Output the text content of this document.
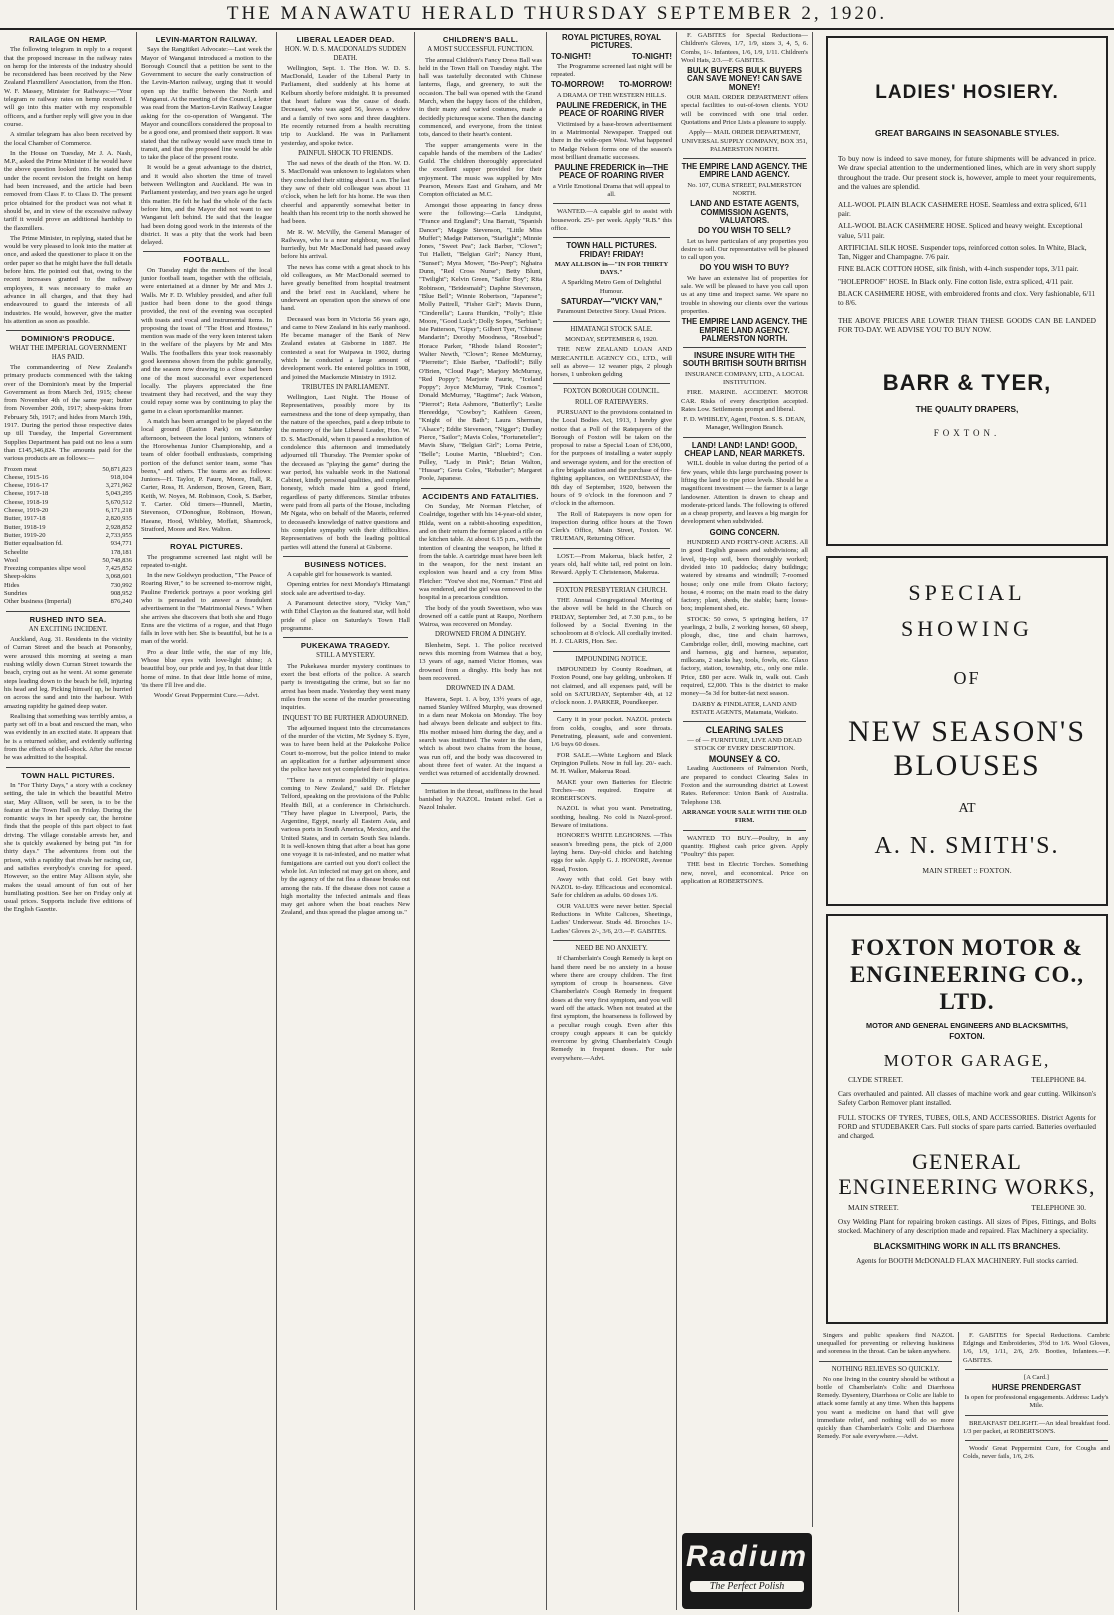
THE MANAWATU HERALD THURSDAY SEPTEMBER 2, 1920.
RAILAGE ON HEMP.

The following telegram in reply to a request that the proposed increase in the railway rates on hemp for the interests of the industry should be reconsidered has been received by the New Zealand Flaxmillers' Association, from the Hon. W. F. Massey, Minister for Railways:—"Your telegram re railway rates on hemp received. I will go into this matter with my responsible officers, and a further reply will give you in due course.

A similar telegram has also been received by the local Chamber of Commerce.

In the House on Tuesday, Mr J. A. Nash, M.P., asked the Prime Minister if he would have the above question looked into. He stated that under the recent revision the freight on hemp had been increased, and the article had been removed from Class F. to Class D. The present price obtained for the product was not what it should be, and in view of the excessive railway tariff it would prove an additional hardship to the flaxmillers.

The Prime Minister, in replying, stated that he would be very pleased to look into the matter at once, and asked the questioner to place it on the order paper so that he might have the full details before him. He pointed out that, owing to the recent increases granted to the railway employees, it was necessary to make an advance in all charges, and that they had endeavoured to guard the interests of all industries. He would, however, give the matter his attention as soon as possible.

DOMINION'S PRODUCE.
WHAT THE IMPERIAL GOVERNMENT HAS PAID.

The commandeering of New Zealand's primary products commenced with the taking over of the Dominion's meat by the Imperial Government as from March 3rd, 1915; cheese from November 4th of the same year; butter from November 20th, 1917; sheep-skins from February 5th, 1917; and hides from March 19th, 1917. During the period those respective dates up till Tuesday, the Imperial Government Supplies Department has paid out no less a sum than £145,346,824. The amounts paid for the various products are as follows:—

Frozen meat	50,871,823
Cheese, 1915-16	918,104
Cheese, 1916-17	3,271,962
Cheese, 1917-18	5,043,295
Cheese, 1918-19	5,670,512
Cheese, 1919-20	6,171,218
Butter, 1917-18	2,820,935
Butter, 1918-19	2,928,852
Butter, 1919-20	2,733,955
Butter equalisation fd.	934,771
Scheelite	178,181
Wool	50,748,836
Freezing companies slipe wool	7,425,852
Sheep-skins	3,068,601
Hides	730,992
Sundries	908,952
Other business (Imperial)	876,240
RUSHED INTO SEA.
AN EXCITING INCIDENT.

Auckland, Aug. 31. Residents in the vicinity of Curran Street and the beach at Ponsonby, were aroused this morning at seeing a man rushing wildly down Curran Street towards the beach, crying out as he went. At some generate steps leading down to the beach he fell, injuring his head and leg. Picking himself up, he hurried on across the sand and into the harbour. With amazing rapidity he gained deep water.

Realising that something was terribly amiss, a party set off in a boat and rescued the man, who was evidently in an excited state. It appears that he is a returned soldier, and evidently suffering from the effects of shell-shock. After the rescue he was admitted to the hospital.

TOWN HALL PICTURES.

In "For Thirty Days," a story with a cockney setting, the tale in which the beautiful Metro star, May Allison, will be seen, is to be the feature at the Town Hall on Friday. During the romantic ways in her speedy car, the heroine finds that the people of this part object to fast driving. The village constable arrests her, and she is quickly awakened by being put "in for thirty days." The adventures from out the prison, with a rapidity that rivals her racing car, and satisfies everybody's craving for speed. However, so the entire May Allison style, she makes the usual amount of fun out of her humiliating position. See her on Friday only at usual prices. Supports include five editions of the English Gazette.

LEVIN-MARTON RAILWAY.

Says the Rangitikei Advocate:—Last week the Mayor of Wanganui introduced a motion to the Borough Council that a petition be sent to the Government to secure the early construction of the Levin-Marton railway, urging that it would open up the traffic between the North and Wanganui. At the meeting of the Council, a letter was read from the Marton-Levin Railway League asking for the co-operation of Wanganui. The Mayor and councillors considered the proposal to be a good one, and promised their support. It was stated that the railway would save much time in transit, and that the proposed line would be able to take the place of the present route.

It would be a great advantage to the district, and it would also shorten the time of travel between Wellington and Auckland. He was in Parliament yesterday, and two years ago he urged this matter. He felt he had the whole of the facts before him, and the Mayor did not want to see Wanganui left behind. He said that the league had been doing good work in the interests of the district. It was a pity that the work had been delayed.

FOOTBALL.

On Tuesday night the members of the local junior football team, together with the officials, were entertained at a dinner by Mr and Mrs J. Walls. Mr F. D. Whibley presided, and after full justice had been done to the good things provided, the rest of the evening was occupied with toasts and vocal and instrumental items. In proposing the toast of "The Host and Hostess," mention was made of the very keen interest taken in the welfare of the players by Mr and Mrs Walls. The footballers this year took reasonably good keenness shown from the public generally, and the season now drawing to a close had been one of the most successful ever experienced locally. The players appreciated the fine treatment they had received, and the way they could repay some was by continuing to play the game in a clean sportsmanlike manner.

A match has been arranged to be played on the local ground (Easton Park) on Saturday afternoon, between the local juniors, winners of the Horowhenua Junior Championship, and a team of older football enthusiasts, comprising portion of the defunct senior team, some "has beens," and others. The teams are as follows: Juniors—H. Taylor, P. Faure, Moore, Hall, R. Carter, Ross, H. Anderson, Brown, Green, Barr, Keith, W. Noyes, M. Robinson, Cook, S. Barber, T. Carter. Old timers—Hunnell, Martin, Stevenson, O'Donoghue, Robinson, Howan, Haeane, Hood, Whibley, Moffatt, Shamrock, Stratford, Moore and Rev. Walton.

ROYAL PICTURES.

The programme screened last night will be repeated to-night.

In the new Goldwyn production, "The Peace of Roaring River," to be screened to-morrow night, Pauline Frederick portrays a poor working girl who is persuaded to answer a fraudulent advertisement in the "Matrimonial News." When she arrives she discovers that both she and Hugo Enns are the victims of a rogue, and that Hugo falls in love with her. She is beautiful, but he is a man of the world.

Pro a dear little wife, the star of my life, Whose blue eyes with love-light shine; A beautiful boy, our pride and joy, In that dear little home of mine. In that dear little home of mine, 'tis there I'll live and die.

Woods' Great Peppermint Cure.—Advt.

LIBERAL LEADER DEAD.
HON. W. D. S. MACDONALD'S SUDDEN DEATH.

Wellington, Sept. 1. The Hon. W. D. S. MacDonald, Leader of the Liberal Party in Parliament, died suddenly at his home at Kelburn shortly before midnight. It is presumed that heart failure was the cause of death. Deceased, who was aged 56, leaves a widow and a family of two sons and three daughters. He recently returned from a health recruiting trip to Auckland. He was in Parliament yesterday, and spoke twice.

PAINFUL SHOCK TO FRIENDS.

The sad news of the death of the Hon. W. D. S. MacDonald was unknown to legislators when they concluded their sitting about 1 a.m. The last they saw of their old colleague was about 11 o'clock, when he left for his home. He was then cheerful and apparently somewhat better in health than his recent trip to the north showed he had been.

Mr R. W. McVilly, the General Manager of Railways, who is a near neighbour, was called hurriedly, but Mr MacDonald had passed away before his arrival.

The news has come with a great shock to his old colleagues, as Mr MacDonald seemed to have greatly benefited from hospital treatment and the brief rest in Auckland, where he underwent an operation upon the sinews of one hand.

Deceased was born in Victoria 56 years ago, and came to New Zealand in his early manhood. He became manager of the Bank of New Zealand estates at Gisborne in 1887. He contested a seat for Waipawa in 1902, during which he conducted a large amount of development work. He entered politics in 1908, and joined the Mackenzie Ministry in 1912.

TRIBUTES IN PARLIAMENT.

Wellington, Last Night. The House of Representatives, possibly more by its earnestness and the tone of deep sympathy, than the nature of the speeches, paid a deep tribute to the memory of the late Liberal Leader, Hon. W. D. S. MacDonald, when it passed a resolution of condolence this afternoon and immediately adjourned till Thursday. The Premier spoke of the deceased as "playing the game" during the war period, his valuable work in the National Cabinet, kindly personal qualities, and complete honesty, which made him a good friend, regardless of party differences. Similar tributes were paid from all parts of the House, including Mr Ngata, who on behalf of the Maoris, referred to deceased's knowledge of native questions and his complete sympathy with their difficulties. Representatives of both the leading political parties will attend the funeral at Gisborne.

BUSINESS NOTICES.

A capable girl for housework is wanted.

Opening entries for next Monday's Himatangi stock sale are advertised to-day.

A Paramount detective story, "Vicky Van," with Ethel Clayton as the featured star, will hold pride of place on Saturday's Town Hall programme.

PUKEKAWA TRAGEDY.
STILL A MYSTERY.

The Pukekawa murder mystery continues to exert the best efforts of the police. A search party is investigating the crime, but so far no arrest has been made. Yesterday they went many miles from the scene of the murder prosecuting inquiries.

INQUEST TO BE FURTHER ADJOURNED.

The adjourned inquest into the circumstances of the murder of the victim, Mr Sydney S. Eyre, was to have been held at the Pukekohe Police Court to-morrow, but the police intend to make an application for a further adjournment since the police have not yet completed their inquiries.

"There is a remote possibility of plague coming to New Zealand," said Dr. Fletcher Telford, speaking on the provisions of the Public Health Bill, at a conference in Christchurch. "They have plague in Liverpool, Paris, the Argentine, Egypt, nearly all Eastern Asia, and various ports in South America, Mexico, and the United States, and in certain South Sea islands. It is well-known thing that after a boat has gone one voyage it is rat-infested, and no matter what fumigations are carried out you don't collect the whole lot. An infected rat may get on shore, and by the agency of the rat flea a disease breaks out among the rats. If the disease does not cause a high mortality the infected animals and fleas may get ashore when the boat reaches New Zealand, and thus spread the plague among us."

CHILDREN'S BALL.
A MOST SUCCESSFUL FUNCTION.

The annual Children's Fancy Dress Ball was held in the Town Hall on Tuesday night. The hall was tastefully decorated with Chinese lanterns, flags, and greenery, to suit the occasion. The ball was opened with the Grand March, when the happy faces of the children, in their many and varied costumes, made a decidedly picturesque scene. Then the dancing commenced, and everyone, from the tiniest tots, danced to their heart's content.

The supper arrangements were in the capable hands of the members of the Ladies' Guild. The children thoroughly appreciated the excellent supper provided for their enjoyment. The music was supplied by Mrs Pearson, Messrs East and Graham, and Mr Compton officiated as M.C.

Amongst those appearing in fancy dress were the following:—Carla Lindquist, "France and England"; Una Barratt, "Spanish Dancer"; Maggie Stevenson, "Little Miss Muffet"; Madge Patterson, "Starlight"; Minnie Jones, "Sweet Pea"; Jack Barber, "Clown"; Tui Hallett, "Belgian Girl"; Nancy Hunt, "Sunset"; Myra Mower, "Bo-Peep"; Nghaira Dunn, "Red Cross Nurse"; Betty Blunt, "Twilight"; Kelvin Green, "Sailor Boy"; Rita Robinson, "Bridesmaid"; Daphne Stevenson, "Blue Bell"; Winnie Robertson, "Japanese"; Molly Pattrell, "Fisher Girl"; Mavis Dunn, "Cinderella"; Laura Hunikin, "Folly"; Elsie Moore, "Good Luck"; Dolly Sopes, "Serbian"; Isie Patterson, "Gipsy"; Gilbert Tyer, "Chinese Mandarin"; Dorothy Moodness, "Rosebud"; Horace Parker, "Rhode Island Rooster"; Walter Newth, "Clown"; Renee McMurray, "Pierrette"; Elsie Barber, "Daffodil"; Billy O'Brien, "Cloud Page"; Marjory McMurray, "Red Poppy"; Marjorie Faurie, "Iceland Poppy"; Joyce McMurray, "Pink Cosmos"; Donald McMurray, "Ragtime"; Jack Watson, "Pierrot"; Reta Ashmore, "Butterfly"; Leslie Hereeddge, "Cowboy"; Kathleen Green, "Knight of the Bath"; Laura Sherman, "Alsace"; Eddie Stevenson, "Nigger"; Dudley Pierce, "Sailor"; Mavis Coles, "Fortuneteller"; Mavis Shaw, "Belgian Girl"; Lorna Petrie, "Belle"; Louise Martin, "Bluebird"; Con. Pulley, "Lady in Pink"; Brian Walton, "Hussar"; Greta Coles, "Rebutler"; Margaret Poole, Japanese.

ACCIDENTS AND FATALITIES.

On Sunday, Mr Norman Fletcher, of Coalridge, together with his 14-year-old sister, Hilda, went on a rabbit-shooting expedition, and on their return the former placed a rifle on the kitchen table. At about 6.15 p.m., with the intention of cleaning the weapon, he lifted it from the table. A cartridge must have been left in the weapon, for the next instant an explosion was heard and a cry from Miss Fletcher: "You've shot me, Norman." First aid was rendered, and the girl was removed to the hospital in a precarious condition.

The body of the youth Sweetison, who was drowned off a cattle punt at Raupo, Northern Wairoa, was recovered on Monday.

DROWNED FROM A DINGHY.

Blenheim, Sept. 1. The police received news this morning from Waimea that a boy, 13 years of age, named Victor Homes, was drowned from a dinghy. His body has not been recovered.

DROWNED IN A DAM.

Hawera, Sept. 1. A boy, 13½ years of age, named Stanley Wilfred Murphy, was drowned in a dam near Mokoia on Monday. The boy had always been delicate and subject to fits. His mother missed him during the day, and a search was instituted. The water in the dam, which is about two chains from the house, was run off, and the body was discovered in about three feet of water. At the inquest a verdict was returned of accidentally drowned.

Irritation in the throat, stuffiness in the head banished by NAZOL. Instant relief. Get a Nazol Inhaler.

ROYAL PICTURES, ROYAL PICTURES.
TO-NIGHT!	TO-NIGHT!

The Programme screened last night will be repeated.

TO-MORROW! TO-MORROW!

A DRAMA OF THE WESTERN HILLS.

PAULINE FREDERICK, in THE PEACE OF ROARING RIVER

Victimised by a base-brown advertisement in a Matrimonial Newspaper. Trapped out there in the wide-open West. What happened to Madge Nelson forms one of the season's most brilliant dramatic successes.

PAULINE FREDERICK in—THE PEACE OF ROARING RIVER

a Virile Emotional Drama that will appeal to all.

WANTED.—A capable girl to assist with housework. 25/- per week. Apply "R.B." this office.

TOWN HALL PICTURES. FRIDAY! FRIDAY!

MAY ALLISON in—"IN FOR THIRTY DAYS."

A Sparkling Metro Gem of Delightful Humour.

SATURDAY—"VICKY VAN,"

Paramount Detective Story. Usual Prices.

HIMATANGI STOCK SALE.

MONDAY, SEPTEMBER 6, 1920.

THE NEW ZEALAND LOAN AND MERCANTILE AGENCY CO., LTD., will sell as above— 12 weaner pigs, 2 plough horses, 1 unbroken gelding

FOXTON BOROUGH COUNCIL.
ROLL OF RATEPAYERS.

PURSUANT to the provisions contained in the Local Bodies Act, 1913, I hereby give notice that a Poll of the Ratepayers of the Borough of Foxton will be taken on the proposal to raise a Special Loan of £36,000, for the purposes of installing a water supply and sewerage system, and for the erection of a fire brigade station and the purchase of fire-fighting appliances, on WEDNESDAY, the 8th day of September, 1920, between the hours of 9 o'clock in the forenoon and 7 o'clock in the afternoon.

The Roll of Ratepayers is now open for inspection during office hours at the Town Clerk's Office, Main Street, Foxton. W. TRUEMAN, Returning Officer.

LOST.—From Makerua, black heifer, 2 years old, half white tail, red point on loin. Reward. Apply T. Christenson, Makerua.

FOXTON PRESBYTERIAN CHURCH.

THE Annual Congregational Meeting of the above will be held in the Church on FRIDAY, September 3rd, at 7.30 p.m., to be followed by a Social Evening in the schoolroom at 8 o'clock. All cordially invited. H. J. CLARIS, Hon. Sec.

IMPOUNDING NOTICE.

IMPOUNDED by County Roadman, at Foxton Pound, one bay gelding, unbroken. If not claimed, and all expenses paid, will be sold on SATURDAY, September 4th, at 12 o'clock noon. J. PARKER, Poundkeeper.

Carry it in your pocket. NAZOL protects from colds, coughs, and sore throats. Penetrating, pleasant, safe and convenient. 1/6 buys 60 doses.

FOR SALE.—White Leghorn and Black Orpington Pullets. Now in full lay. 20/- each. M. H. Walker, Makerua Road.

MAKE your own Batteries for Electric Torches—no required. Enquire at ROBERTSON'S.

NAZOL is what you want. Penetrating, soothing, healing. No cold is Nazol-proof. Beware of imitations.

HONORE'S WHITE LEGHORNS. —This season's breeding pens, the pick of 2,000 laying hens. Day-old chicks and hatching eggs for sale. Apply G. J. HONORE, Avenue Road, Foxton.

Away with that cold. Get busy with NAZOL to-day. Efficacious and economical. Safe for children as adults. 60 doses 1/6.

OUR VALUES were never better. Special Reductions in White Calicoes, Sheetings, Ladies' Underwear. Studs 4d. Brooches 1/-. Ladies' Gloves 2/-, 3/6, 2/3.—F. GABITES.

NEED BE NO ANXIETY.

If Chamberlain's Cough Remedy is kept on hand there need be no anxiety in a house where there are croupy children. The first symptom of croup is hoarseness. Give Chamberlain's Cough Remedy in frequent doses at the very first symptom, and you will ward off the attack. When not treated at the first symptom, the hoarseness is followed by a peculiar rough cough. Even after this croupy cough appears it can be quickly overcome by giving Chamberlain's Cough Remedy in frequent doses. For sale everywhere.—Advt.

F. GABITES for Special Reductions—Children's Gloves, 1/7, 1/9, sizes 3, 4, 5, 6. Combs, 1/-. Infantees, 1/6, 1/9, 1/11. Children's Wool Hats, 2/3.—F. GABITES.

BULK BUYERS BULK BUYERS CAN SAVE MONEY! CAN SAVE MONEY!

OUR MAIL ORDER DEPARTMENT offers special facilities to out-of-town clients. YOU will be convinced with one trial order. Quotations and Price Lists a pleasure to supply.

Apply— MAIL ORDER DEPARTMENT, UNIVERSAL SUPPLY COMPANY, BOX 351, PALMERSTON NORTH.

THE EMPIRE LAND AGENCY. THE EMPIRE LAND AGENCY.

No. 107, CUBA STREET, PALMERSTON NORTH.

LAND AND ESTATE AGENTS, COMMISSION AGENTS, VALUATORS.
DO YOU WISH TO SELL?

Let us have particulars of any properties you desire to sell. Our representative will be pleased to call upon you.

DO YOU WISH TO BUY?

We have an extensive list of properties for sale. We will be pleased to have you call upon us at any time and inspect same. We spare no trouble in showing our clients over the various properties.

THE EMPIRE LAND AGENCY. THE EMPIRE LAND AGENCY. PALMERSTON NORTH.
INSURE INSURE WITH THE SOUTH BRITISH SOUTH BRITISH

INSURANCE COMPANY, LTD., A LOCAL INSTITUTION.

FIRE. MARINE. ACCIDENT. MOTOR CAR. Risks of every description accepted. Rates Low. Settlements prompt and liberal.

F. D. WHIBLEY, Agent, Foxton. S. S. DEAN, Manager, Wellington Branch.

LAND! LAND! LAND! GOOD, CHEAP LAND, NEAR MARKETS.

WILL double in value during the period of a few years, while this large purchasing power is lifting the land to ripe price levels. Should be a magnificent investment — the farmer is a large landowner. Attention is drawn to cheap and moderate-priced lands. The following is offered as a cheap property, and leaves a big margin for development when subdivided.

GOING CONCERN.

HUNDRED AND FORTY-ONE ACRES. All in good English grasses and subdivisions; all level, tip-top soil, been thoroughly worked; divided into 10 paddocks; dairy buildings; watered by streams and windmill; 7-roomed house; only one mile from Okato factory; house, 4 rooms; on the main road to the dairy factory; plant, sheds, the stable; barn; loose-box; implement shed, etc.

STOCK: 50 cows, 5 springing heifers, 17 yearlings, 2 bulls, 2 working horses, 60 sheep, plough, disc, tine and chain harrows, Cambridge roller, drill, mowing machine, cart and harness, gig and harness, separator, milkcans, 2 stacks hay, tools, fowls, etc. Glaxo factory, station, township, etc., only one mile. Price, £80 per acre. Walk in, walk out. Cash required, £2,000. This is the district to make money—5s 3d for butter-fat next season.

DARBY & FINDLATER, LAND AND ESTATE AGENTS, Matamata, Waikato.

CLEARING SALES

— of — FURNITURE, LIVE AND DEAD STOCK OF EVERY DESCRIPTION.

MOUNSEY & CO.

Leading Auctioneers of Palmerston North, are prepared to conduct Clearing Sales in Foxton and the surrounding district at Lowest Rates. Reference: Union Bank of Australia. Telephone 138.

ARRANGE YOUR SALE WITH THE OLD FIRM.

WANTED TO BUY.—Poultry, in any quantity. Highest cash price given. Apply "Poultry" this paper.

THE best in Electric Torches. Something new, novel, and economical. Price on application at ROBERTSON'S.

Radium
The Perfect Polish
LADIES' HOSIERY.
GREAT BARGAINS IN SEASONABLE STYLES.
To buy now is indeed to save money, for future shipments will be advanced in price. We draw special attention to the undermentioned lines, which are in very short supply throughout the trade. Our present stock is, however, ample to meet your requirements, and the values are splendid.
ALL-WOOL PLAIN BLACK CASHMERE HOSE. Seamless and extra spliced, 6/11 pair.
ALL-WOOL BLACK CASHMERE HOSE. Spliced and heavy weight. Exceptional value, 5/11 pair.
ARTIFICIAL SILK HOSE. Suspender tops, reinforced cotton soles. In White, Black, Tan, Nigger and Champagne. 7/6 pair.
FINE BLACK COTTON HOSE, silk finish, with 4-inch suspender tops, 3/11 pair.
"HOLEPROOF" HOSE. In Black only. Fine cotton lisle, extra spliced, 4/11 pair.
BLACK CASHMERE HOSE, with embroidered fronts and clox. Very fashionable, 6/11 to 8/6.
THE ABOVE PRICES ARE LOWER THAN THESE GOODS CAN BE LANDED FOR TO-DAY. WE ADVISE YOU TO BUY NOW.
BARR & TYER,
THE QUALITY DRAPERS,
FOXTON.
SPECIAL
SHOWING
OF
NEW SEASON'S BLOUSES
AT
A. N. SMITH'S.
MAIN STREET :: FOXTON.
FOXTON MOTOR & ENGINEERING CO., LTD.
MOTOR AND GENERAL ENGINEERS AND BLACKSMITHS,
FOXTON.
MOTOR GARAGE,
CLYDE STREET.	TELEPHONE 84.
Cars overhauled and painted. All classes of machine work and gear cutting. Wilkinson's Safety Carbon Remover plant installed.
FULL STOCKS OF TYRES, TUBES, OILS, AND ACCESSORIES. District Agents for FORD and STUDEBAKER Cars. Full stocks of spare parts carried. Batteries overhauled and charged.
GENERAL ENGINEERING WORKS,
MAIN STREET.	TELEPHONE 30.
Oxy Welding Plant for repairing broken castings. All sizes of Pipes, Fittings, and Bolts stocked. Machinery of any description made and repaired. Flax Machinery a speciality.
BLACKSMITHING WORK IN ALL ITS BRANCHES.
Agents for BOOTH McDONALD FLAX MACHINERY. Full stocks carried.

Singers and public speakers find NAZOL unequalled for preventing or relieving huskiness and soreness in the throat. Can be taken anywhere.

NOTHING RELIEVES SO QUICKLY.

No one living in the country should be without a bottle of Chamberlain's Colic and Diarrhoea Remedy. Dysentery, Diarrhoea or Colic are liable to attack some family at any time. When this happens you want a medicine on hand that will give immediate relief, and nothing will do so more quickly than Chamberlain's Colic and Diarrhoea Remedy. For sale everywhere.—Advt.

F. GABITES for Special Reductions. Cambric Edgings and Embroideries, 3½d to 1/6. Wool Gloves, 1/6, 1/9, 1/11, 2/6, 2/9. Booties, Infantees.—F. GABITES.

[A Card.]

HURSE PRENDERGAST

Is open for professional engagements. Address: Lady's Mile.

BREAKFAST DELIGHT.—An ideal breakfast food. 1/3 per packet, at ROBERTSON'S.

Woods' Great Peppermint Cure, for Coughs and Colds, never fails, 1/6, 2/6.
